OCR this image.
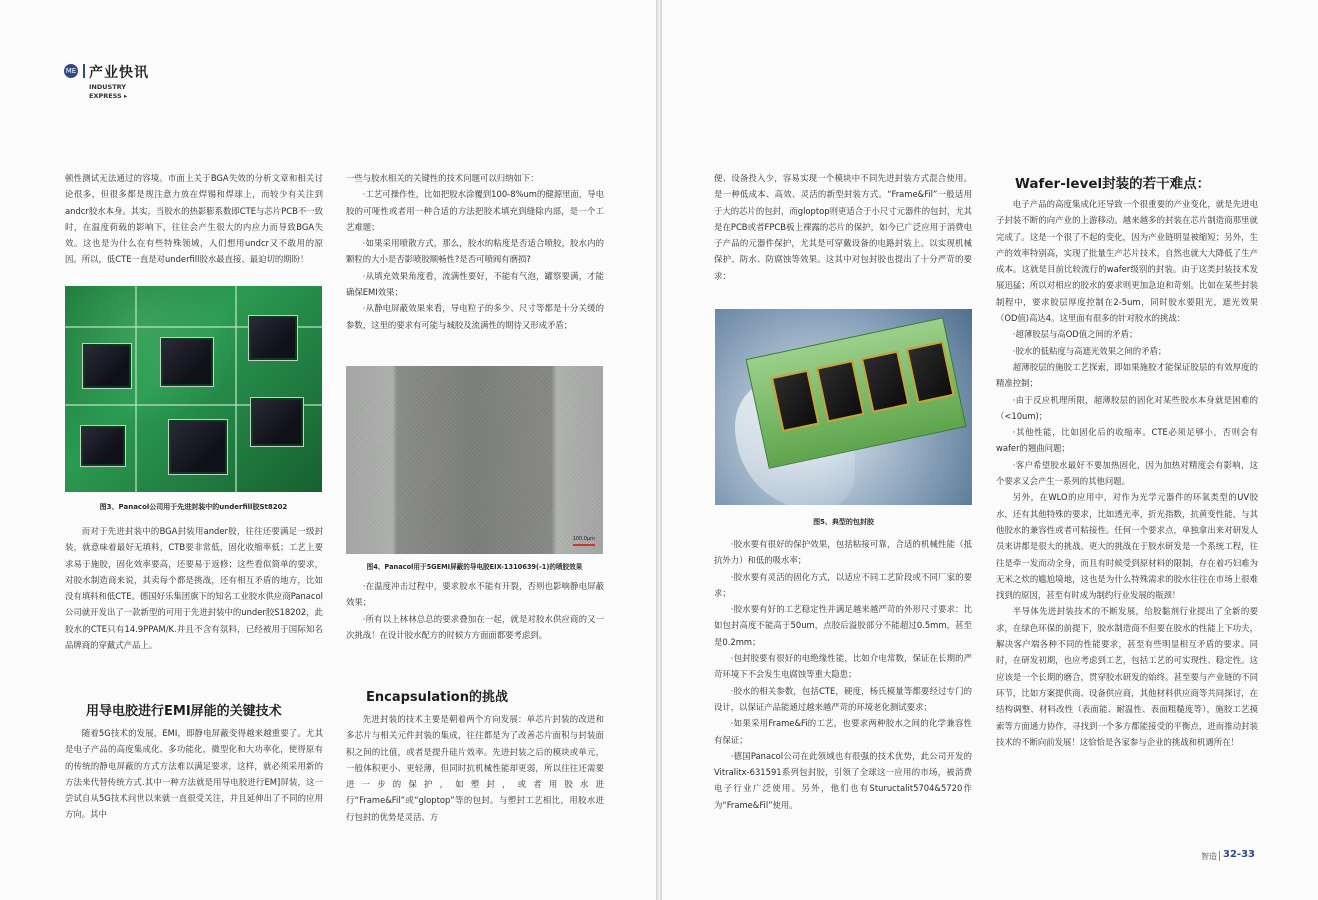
ME 产业快讯
INDUSTRY
EXPRESS ▸

顿性测试无法通过的容境。市面上关于BGA失效的分析文章和相关讨论很多，但很多都是规注意力放在焊锡和焊球上，而较少有关注到andcr胶水本身。其实，当胶水的热影膨系数即CTE与芯片PCB不一致时，在温度荷载的影响下，往往会产生很大的内应力而导致BGA失效。这也是为什么在有些特殊领域，人们想用undcr又不敢用的原因。所以，低CTE一直是对underfill胶水最直接、最迫切的期盼！

图3、Panacol公司用于先进封装中的underfill胶St8202

而对于先进封装中的BGA封装用ander胶，往往还要满足一级封装，就意味着最好无填料，CTB要非常低，固化收缩率低；工艺上要求易于施胶，固化效率要高，还要易于返修；这些看似简单的要求，对胶水制造商来说，其卖每个都是挑战，还有相互矛盾的地方，比如没有填料和低CTE。德国好乐集团旗下的知名工业胶水供应商Panacol公司就开发出了一款新型的可用于先进封装中的under胶S18202，此胶水的CTE只有14.9PPAM/K.并且不含有氛料，已经被用于国际知名品牌商的穿戴式产品上。

用导电胶进行EMI屏能的关键技术

随着5G技术的发展，EMI，即静电屏蔽变得越来越重要了。尤其是电子产品的高度集成化、多功能化，微型化和大功率化，使得原有的传统的静电屏蔽的方式方法难以满足要求，这样，就必须采用新的方法来代替传统方式.其中一种方法就是用导电胶进行EM]屏装，这一尝试自从5G技术问世以来就一直很受关注，并且延伸出了不同的应用方向。其中

一些与胶水相关的关键性的技术问题可以归纳如下：

·工艺可操作性，比如把胶水涂覆到100-8%um的健源里面，导电胶的可哑性或者用一种合适的方法把胶术填充到缝除内部，是一个工艺难题；

·如果采用喷散方式，那么，胶水的粘度是否适合喷胶，胶水内的颗粒的大小是否影喷胶顺畅性?是否可喷阀有磨损?

·从填充效果角度看，流满性要好，不能有气泡，罐察要满，才能确保EMI效果；

·从静电屏蔽效果来看，导电粒子的多少、尺寸等都是十分关缓的参数，这里的要求有可能与城胶及流满性的期待又形成矛盾；

100.0μm
图4、Panacol用于5GEMI屏蔽的导电胶EIX-1310639(-1)的喷胶效果

·在温度冲击过程中，要求胶水不能有开裂，否则也影响静电屏蔽效果；

·所有以上林林总总的要求叠加在一起，就是对胶水供应商的又一次挑战！在设计胶水配方的时候方方面面都要考虑到。

Encapsulation的挑战

先进封装的技术主要是朝着两个方向发展：单芯片封装的改进和多芯片与相关元件封装的集成，往往都是为了改善芯片面积与封装面积之间的比值，或者是提升硅片效率。先进封装之后的模块或单元，一般体积更小、更轻薄，但同时抗机械性能却更弱，所以往往还需要进一步的保护，如塑封，或者用胶水进行“Frame&Fil”或“gloptop”等的包封。与塑封工艺相比，用胶水进行包封的优势是灵活、方

便、设备投入少，容易实现一个模块中不同先进封装方式混合使用。是一种低成本、高效、灵活的新型封装方式。“Frame&Fil”一般适用于大的芯片的包封，而gloptop则更适合于小尺寸元器件的包封，尤其是在PCB或者FPCB板上裸露的芯片的保护，如今已广泛应用于消费电子产品的元器件保护，尤其是可穿戴设备的电路封装上。以实现机械保护、防水、防腐蚀等效果。这其中对包封胶也提出了十分严苛的要求：

图5、典型的包封胶

·胶水要有很好的保护效果，包括粘接可靠，合适的机械性能（抵抗外力）和低的吸水率；

·胶水要有灵活的固化方式，以适应不同工艺阶段或不同厂家的要求；

·胶水要有好的工艺稳定性并满足越来越严苛的外形尺寸要求：比如包封高度不能高于50um，点胶后溢胶部分不能超过0.5mm，甚至是0.2mm；

·包封胶要有很好的电绝缘性能，比如介电常数，保证在长期的严苛环境下不会发生电腐蚀等重大隐患；

·胶水的相关参数，包括CTE，硬度，杨氏模量等都要经过专门的设计，以保证产品能通过越来越严苛的环境老化测试要求；

·如果采用Frame&Fi的工艺，也要求两种胶水之间的化学兼容性有保证；

·德国Panacol公司在此领域也有很强的技术优势，此公司开发的Vitralitx-631591系列包封胶，引领了全球这一应用的市场，被消费电子行业广泛使用。另外，他们也有Stuructalit5704&5720作为“Frame&Fil”使用。

Wafer-level封装的若干难点：

电子产品的高度集成化还导致一个很重要的产业变化，就是先进电子封装不断的向产业的上游移动。越来越多的封装在芯片制造商那里就完成了。这是一个很了不起的变化，因为产业链明显被缩短；另外，生产的效率特别高，实现了批量生产芯片技术，自然也就大大降低了生产成本。这就是目前比较流行的wafer级别的封装。由于这类封装技术发展迅猛；所以对相应的胶水的要求则更加急迫和苛刻。比如在某些封装制程中，要求胶层厚度控制在2-5um，同时胶水要阻光，遮光效果（OD值)高达4。这里面有很多的针对胶水的挑战：

·超薄胶层与高OD值之间的矛盾；

·胶水的低粘度与高遮光效果之间的矛盾；

超薄胶层的施胶工艺探索，即如果施胶才能保证胶层的有效厚度的精准控制；

·由于反应机理所限，超薄胶层的固化对某些胶水本身就是困难的（<10um)；

·其他性能，比如固化后的收缩率。CTE必须足够小，否则会有wafer的翘曲问题；

·客户希望胶水最好不要加热固化，因为加热对精度会有影响，这个要求又会产生一系列的其他问题。

另外，在WLO的应用中，对作为光学元器件的环氧类型的UV胶水，还有其他特殊的要求，比如透光率，折光指数，抗黄变性能，与其他胶水的兼容性或者可粘接性。任何一个要求点，单独拿出来对研发人员来讲都是很大的挑战。更大的挑战在于胶水研发是一个系统工程，往往是牵一发而动全身，而且有时候受到原材料的限制，存在着巧妇难为无米之炊的尴尬境地，这也是为什么特殊需求的胶水往往在市场上很难找到的原因，甚至有时成为制约行业发展的瓶颈！

半导体先进封装技术的不断发展，给胶黏剂行业提出了全新的要求，在绿色环保的前提下，胶水制造商不但要在胶水的性能上下功夫，解决客户端各种不同的性能要求，甚至有些明显相互矛盾的要求。同时，在研发初期，也应考虑到工艺，包括工艺的可实现性、稳定性。这应该是一个长期的磨合，贯穿胶水研发的始终。甚至要与产业链的不同环节，比如方案提供商、设备供应商，其他材料供应商等共同探讨，在结构调整、材料改性（表面能、耐温性、表面粗糙度等），施胶工艺摸索等方面通力协作，寻找到一个多方都能接受的平衡点，进而推动封装技术的不断向前发展！这恰恰是各家参与企业的挑战和机遇所在！

智造 32-33
